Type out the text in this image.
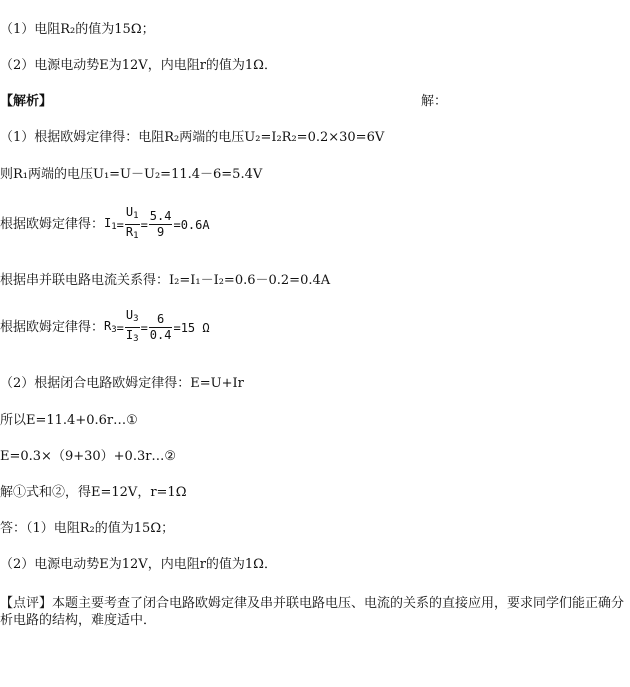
（1）电阻R₂的值为15Ω；
（2）电源电动势E为12V，内电阻r的值为1Ω．
【解析】	解：
（1）根据欧姆定律得：电阻R₂两端的电压U₂=I₂R₂=0.2×30=6V
则R₁两端的电压U₁=U－U₂=11.4－6=5.4V
根据欧姆定律得： $I_1 = \frac{U_1}{R_1} = \frac{5.4}{9} =0.6A$
根据串并联电路电流关系得：I₂=I₁－I₂=0.6－0.2=0.4A
根据欧姆定律得： $R_3 = \frac{U_3}{I_3} = \frac{6}{0.4} =15$ Ω
（2）根据闭合电路欧姆定律得：E=U+Ir
所以E=11.4+0.6r…①
E=0.3×（9+30）+0.3r…②
解①式和②，得E=12V，r=1Ω
答：（1）电阻R₂的值为15Ω；
（2）电源电动势E为12V，内电阻r的值为1Ω．
【点评】本题主要考查了闭合电路欧姆定律及串并联电路电压、电流的关系的直接应用，要求同学们能正确分析电路的结构，难度适中．
